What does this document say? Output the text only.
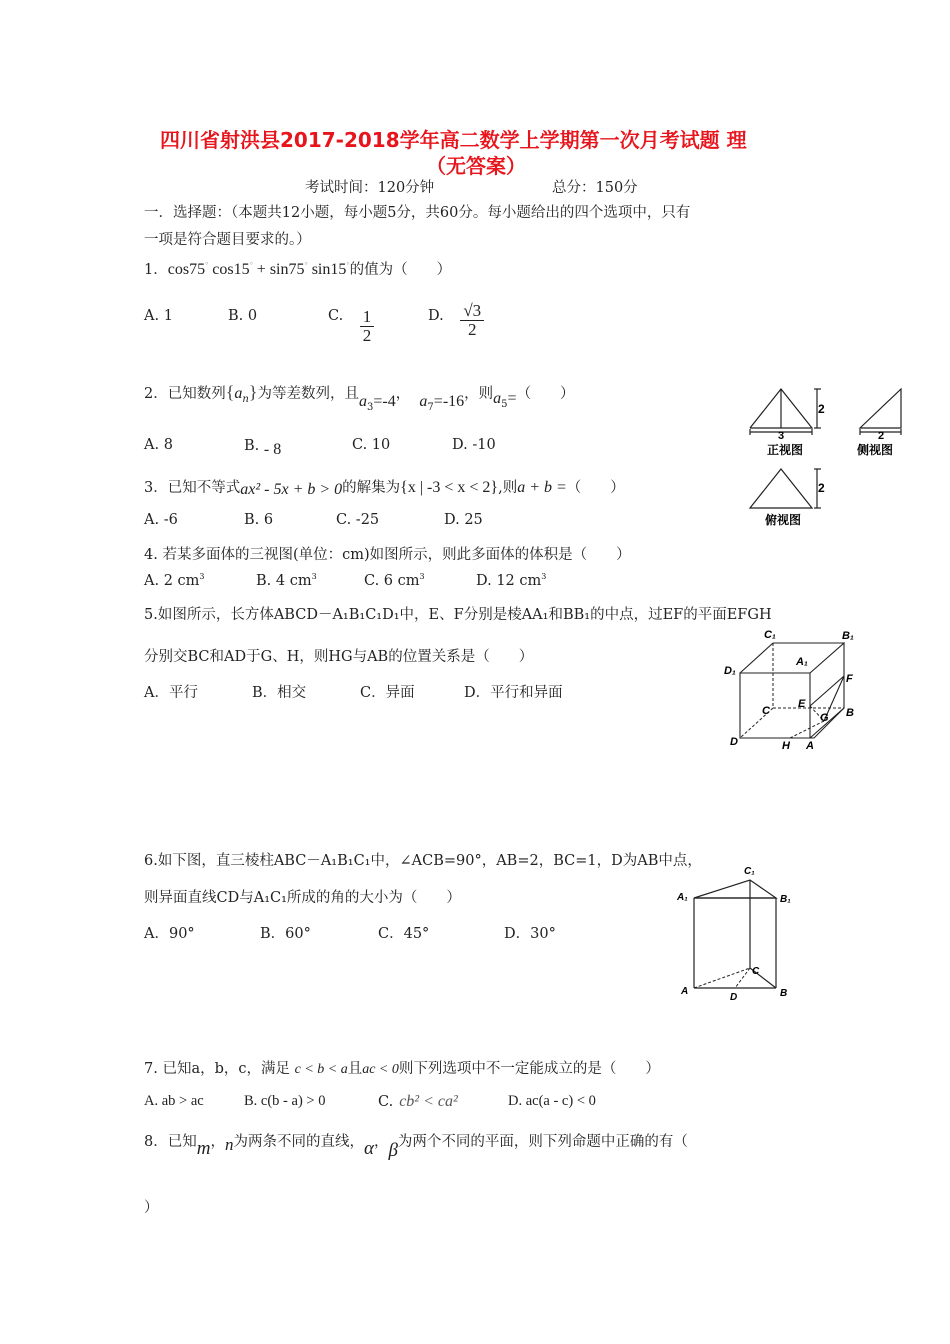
四川省射洪县2017-2018学年高二数学上学期第一次月考试题 理
（无答案）
考试时间：120分钟	总分：150分
一．选择题：（本题共12小题，每小题5分，共60分。每小题给出的四个选项中，只有
一项是符合题目要求的。）
1．cos75° cos15° + sin75° sin15°的值为（　　）
A. 1	B. 0	C. $\frac{1}{2}$	D. $\frac{√3}{2}$
2．已知数列$\{a_n\}$为等差数列，且$a_3=-4$， $a_7=-16$，则$a_5=$（　　）
A. 8	B. - 8	C. 10	D. -10
3．已知不等式ax² - 5x + b > 0的解集为{x | -3 < x < 2},则a + b =（　　）
A. -6	B. 6	C. -25	D. 25
4. 若某多面体的三视图(单位：cm)如图所示，则此多面体的体积是（　　）
A. 2 $cm^3$	B. 4 $cm^3$	C. 6 $cm^3$	D. 12 $cm^3$
5.如图所示，长方体ABCD－A₁B₁C₁D₁中，E、F分别是棱AA₁和BB₁的中点，过EF的平面EFGH
分别交BC和AD于G、H，则HG与AB的位置关系是（　　）
A．平行	B．相交	C．异面	D．平行和异面
6.如下图，直三棱柱ABC－A₁B₁C₁中，∠ACB=90°，AB=2，BC=1，D为AB中点，
则异面直线CD与A₁C₁所成的角的大小为（　　）
A．90°	B．60°	C．45°	D．30°
7. 已知a，b，c，满足 c < b < a且ac < 0则下列选项中不一定能成立的是（　　）
A. ab > ac	B. c(b - a) > 0	C. cb² < ca²	D. ac(a - c) < 0
8．已知m，n为两条不同的直线，α，β为两个不同的平面，则下列命题中正确的有（
）
2
3
正视图
2
侧视图
2
俯视图
C₁	B₁
D₁
A₁
F
E
C
G B
D	H A
C₁
A₁	B₁
C
A
D	B
